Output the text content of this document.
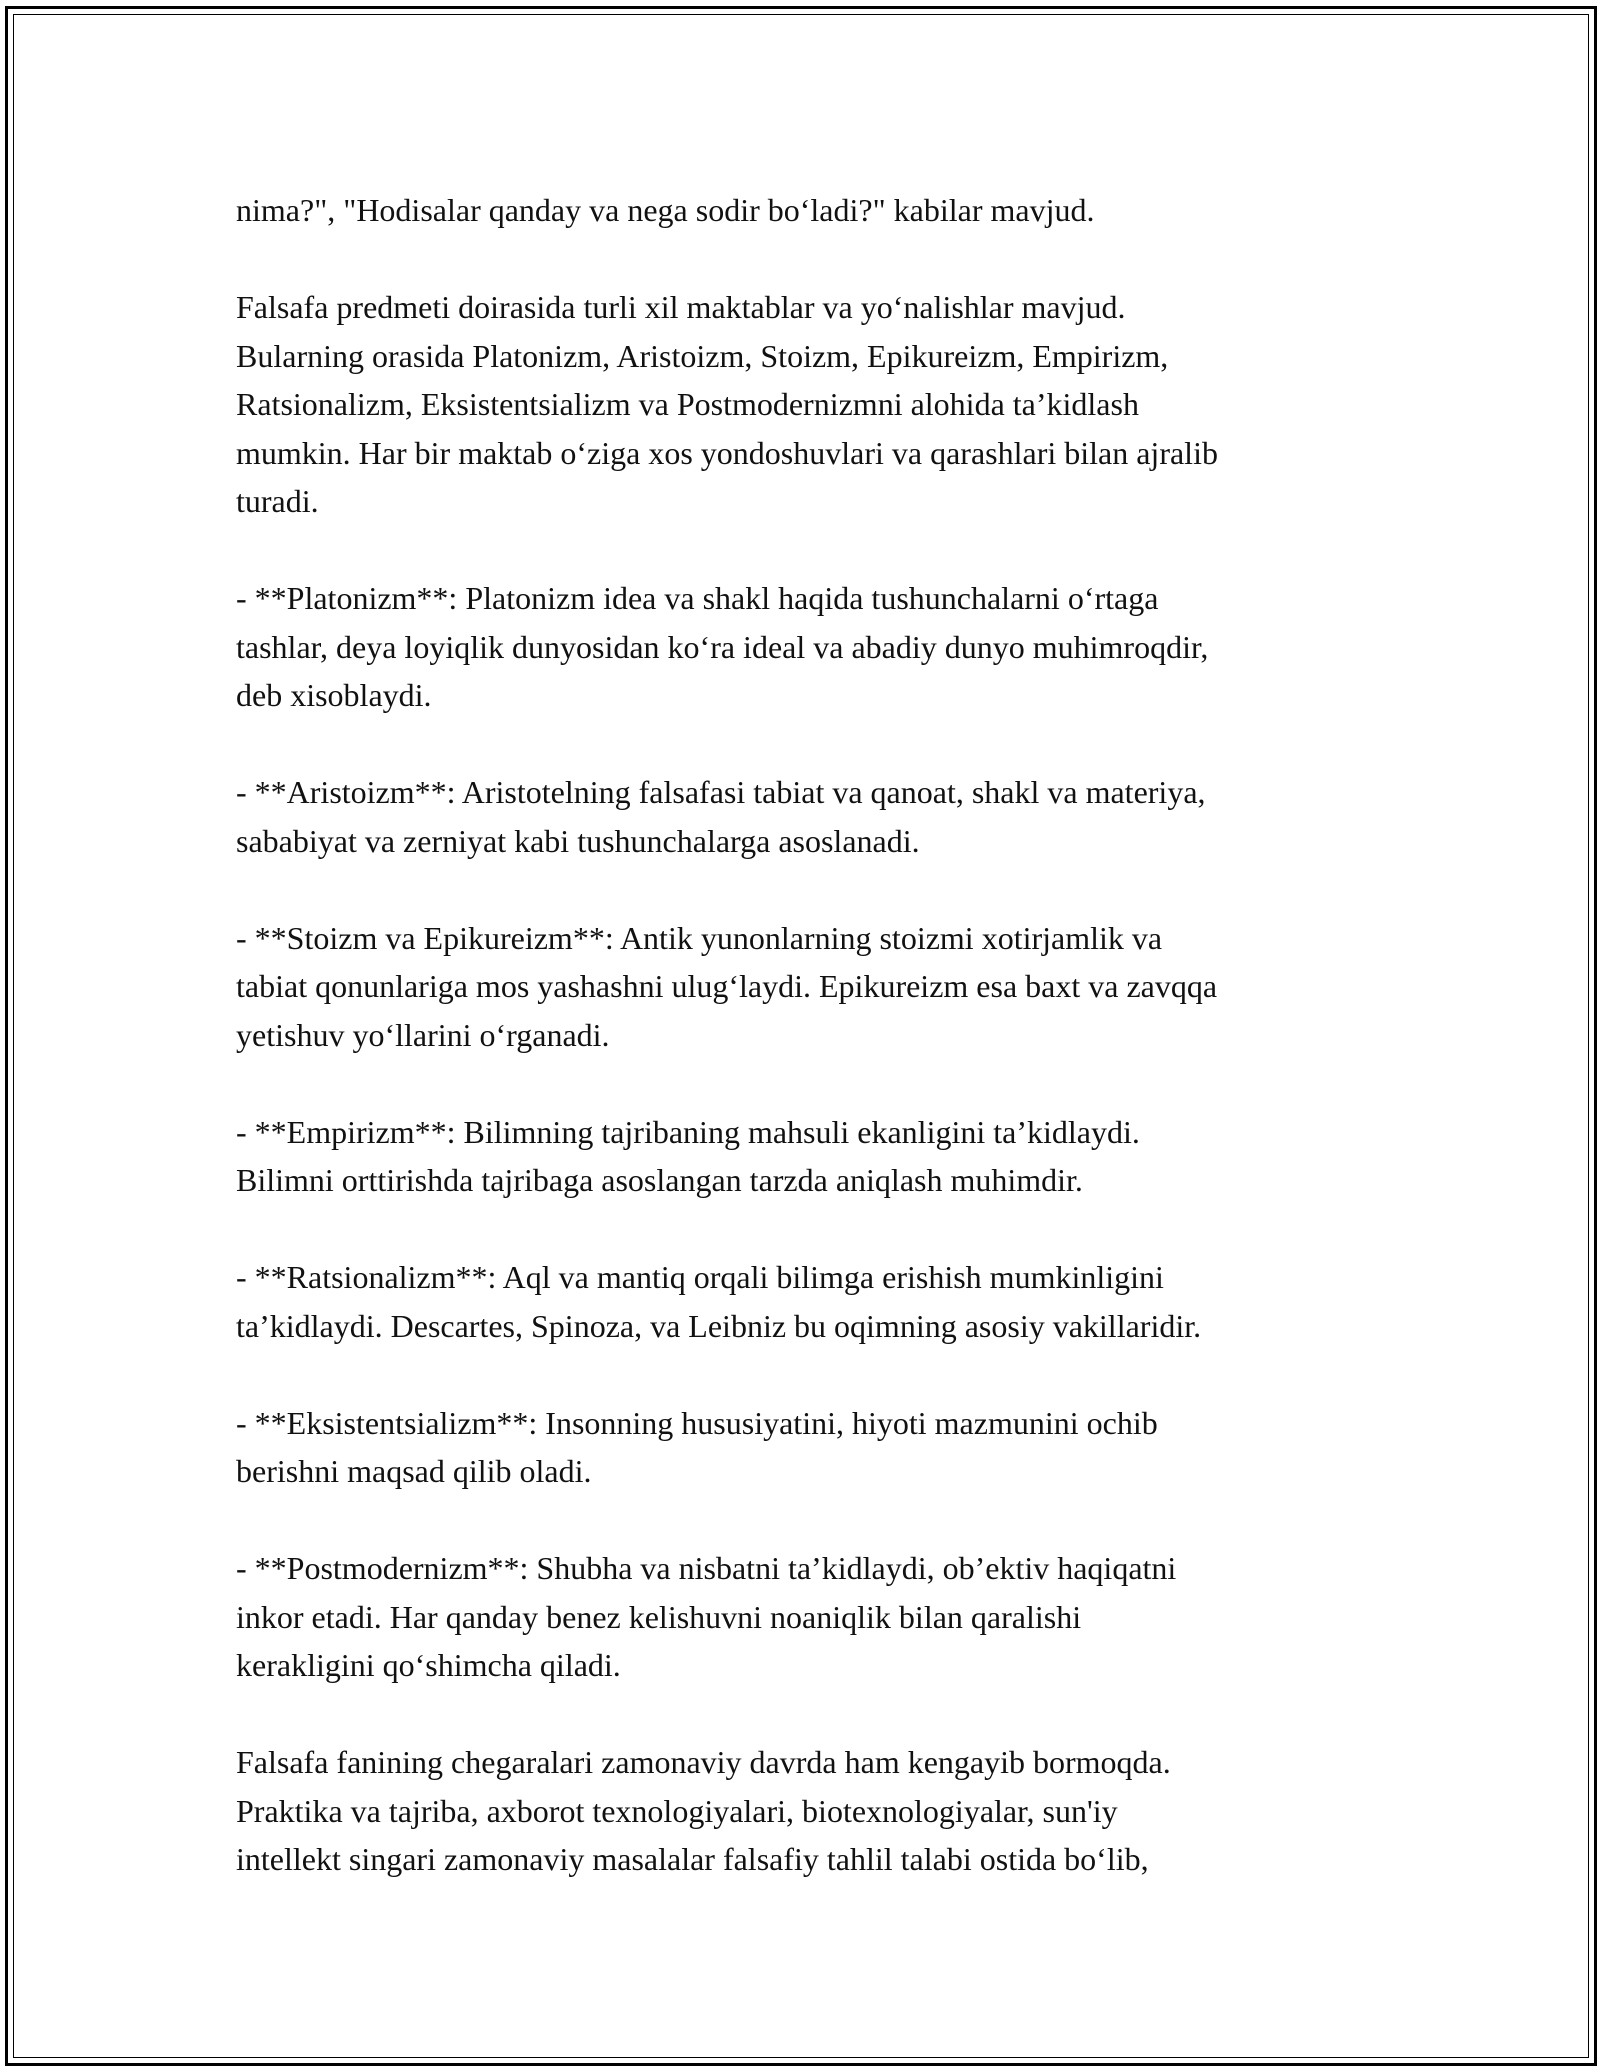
nima?", "Hodisalar qanday va nega sodir bo‘ladi?" kabilar mavjud.

Falsafa predmeti doirasida turli xil maktablar va yo‘nalishlar mavjud.
Bularning orasida Platonizm, Aristoizm, Stoizm, Epikureizm, Empirizm,
Ratsionalizm, Eksistentsializm va Postmodernizmni alohida ta’kidlash
mumkin. Har bir maktab o‘ziga xos yondoshuvlari va qarashlari bilan ajralib
turadi.

- **Platonizm**: Platonizm idea va shakl haqida tushunchalarni o‘rtaga
tashlar, deya loyiqlik dunyosidan ko‘ra ideal va abadiy dunyo muhimroqdir,
deb xisoblaydi.

- **Aristoizm**: Aristotelning falsafasi tabiat va qanoat, shakl va materiya,
sababiyat va zerniyat kabi tushunchalarga asoslanadi.

- **Stoizm va Epikureizm**: Antik yunonlarning stoizmi xotirjamlik va
tabiat qonunlariga mos yashashni ulug‘laydi. Epikureizm esa baxt va zavqqa
yetishuv yo‘llarini o‘rganadi.

- **Empirizm**: Bilimning tajribaning mahsuli ekanligini ta’kidlaydi.
Bilimni orttirishda tajribaga asoslangan tarzda aniqlash muhimdir.

- **Ratsionalizm**: Aql va mantiq orqali bilimga erishish mumkinligini
ta’kidlaydi. Descartes, Spinoza, va Leibniz bu oqimning asosiy vakillaridir.

- **Eksistentsializm**: Insonning hususiyatini, hiyoti mazmunini ochib
berishni maqsad qilib oladi.

- **Postmodernizm**: Shubha va nisbatni ta’kidlaydi, ob’ektiv haqiqatni
inkor etadi. Har qanday benez kelishuvni noaniqlik bilan qaralishi
kerakligini qo‘shimcha qiladi.

Falsafa fanining chegaralari zamonaviy davrda ham kengayib bormoqda.
Praktika va tajriba, axborot texnologiyalari, biotexnologiyalar, sun'iy
intellekt singari zamonaviy masalalar falsafiy tahlil talabi ostida bo‘lib,
